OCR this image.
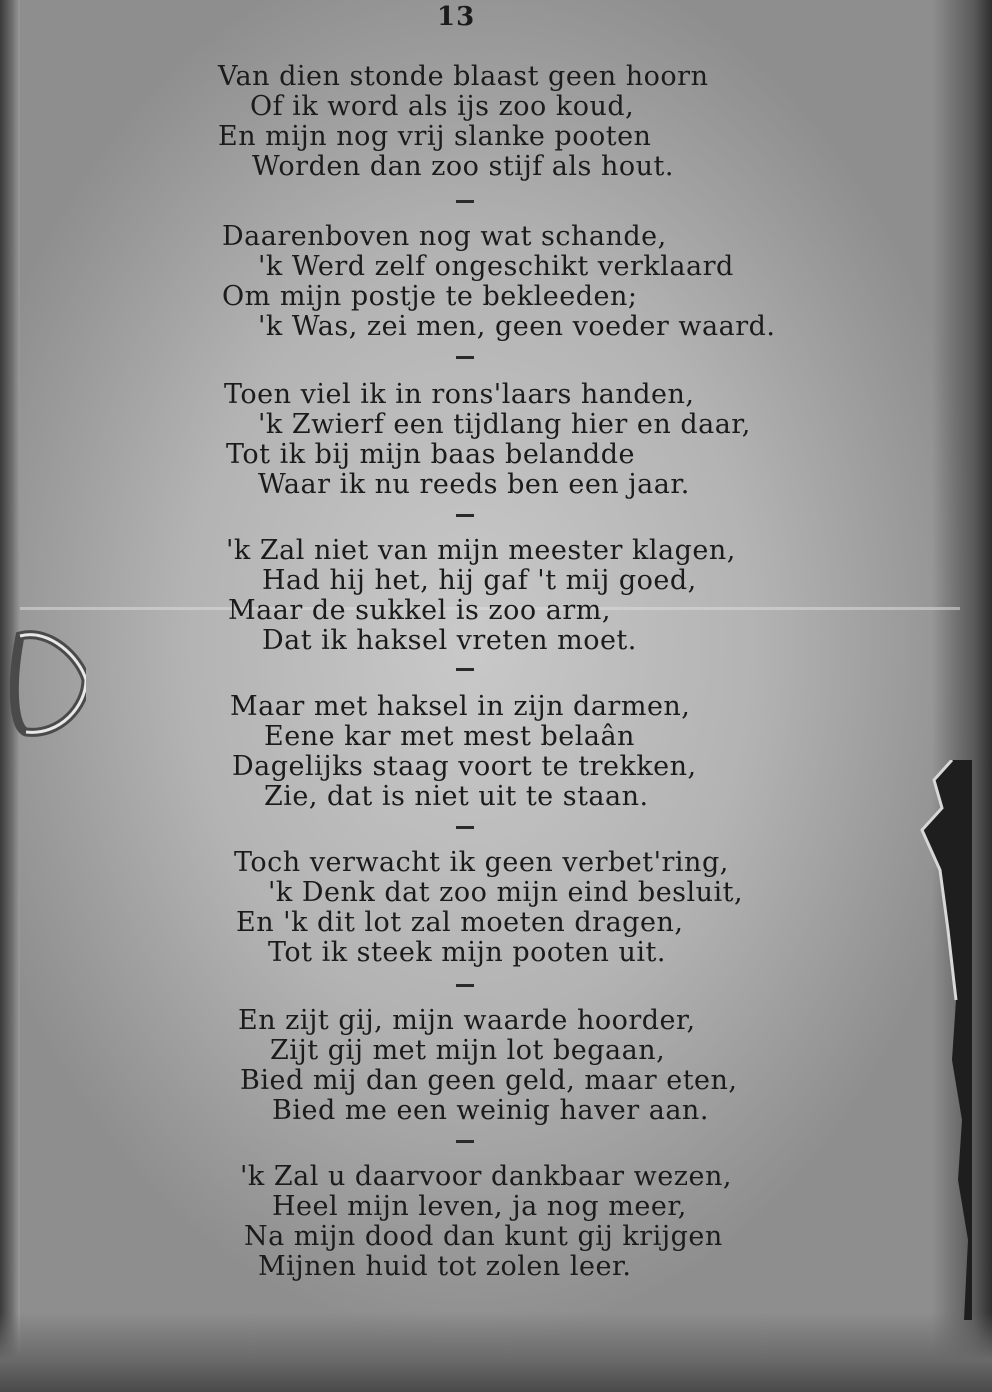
13
Van dien stonde blaast geen hoorn
Of ik word als ijs zoo koud,
En mijn nog vrij slanke pooten
Worden dan zoo stijf als hout.
Daarenboven nog wat schande,
'k Werd zelf ongeschikt verklaard
Om mijn postje te bekleeden;
'k Was, zei men, geen voeder waard.
Toen viel ik in rons'laars handen,
'k Zwierf een tijdlang hier en daar,
Tot ik bij mijn baas belandde
Waar ik nu reeds ben een jaar.
'k Zal niet van mijn meester klagen,
Had hij het, hij gaf 't mij goed,
Maar de sukkel is zoo arm,
Dat ik haksel vreten moet.
Maar met haksel in zijn darmen,
Eene kar met mest belaân
Dagelijks staag voort te trekken,
Zie, dat is niet uit te staan.
Toch verwacht ik geen verbet'ring,
'k Denk dat zoo mijn eind besluit,
En 'k dit lot zal moeten dragen,
Tot ik steek mijn pooten uit.
En zijt gij, mijn waarde hoorder,
Zijt gij met mijn lot begaan,
Bied mij dan geen geld, maar eten,
Bied me een weinig haver aan.
'k Zal u daarvoor dankbaar wezen,
Heel mijn leven, ja nog meer,
Na mijn dood dan kunt gij krijgen
Mijnen huid tot zolen leer.
